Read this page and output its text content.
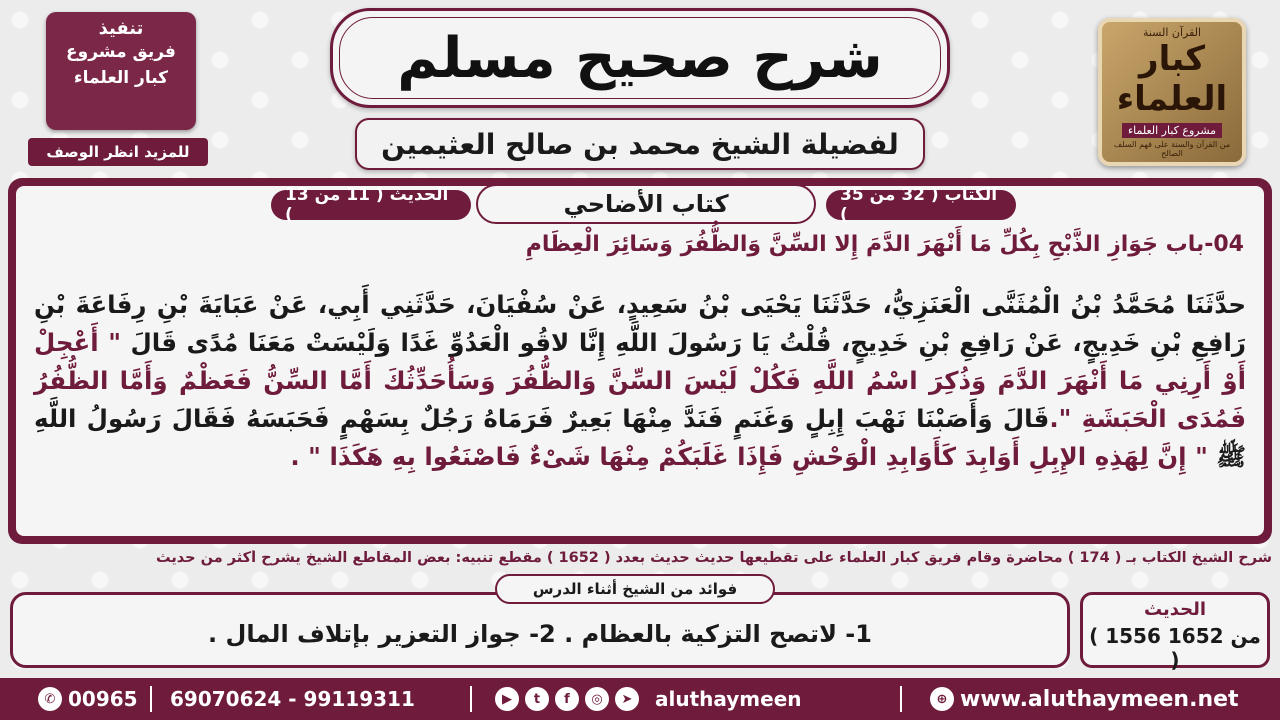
تنفيذ
فريق مشروع
كبار العلماء
للمزيد انظر الوصف
شرح صحيح مسلم
لفضيلة الشيخ محمد بن صالح العثيمين
القرآن السنة
كبار العلماء
مشروع كبار العلماء
من القرآن والسنة على فهم السلف الصالح
الكتاب ( 32 من 35 )
كتاب الأضاحي
الحديث ( 11 من 13 )
04-باب جَوَازِ الذَّبْحِ بِكُلِّ مَا أَنْهَرَ الدَّمَ إِلا السِّنَّ وَالظُّفُرَ وَسَائِرَ الْعِظَامِ
حدَّثَنَا مُحَمَّدُ بْنُ الْمُثَنَّى الْعَنَزِيُّ، حَدَّثَنَا يَحْيَى بْنُ سَعِيدٍ، عَنْ سُفْيَانَ، حَدَّثَنِي أَبِي، عَنْ عَبَايَةَ بْنِ رِفَاعَةَ بْنِ رَافِعِ بْنِ خَدِيجٍ، عَنْ رَافِعِ بْنِ خَدِيجٍ، قُلْتُ يَا رَسُولَ اللَّهِ إِنَّا لاقُو الْعَدُوِّ غَدًا وَلَيْسَتْ مَعَنَا مُدًى قَالَ " أَعْجِلْ أَوْ أَرِنِي مَا أَنْهَرَ الدَّمَ وَذُكِرَ اسْمُ اللَّهِ فَكُلْ لَيْسَ السِّنَّ وَالظُّفُرَ وَسَأُحَدِّثُكَ أَمَّا السِّنُّ فَعَظْمٌ وَأَمَّا الظُّفُرُ فَمُدَى الْحَبَشَةِ ".قَالَ وَأَصَبْنَا نَهْبَ إِبِلٍ وَغَنَمٍ فَنَدَّ مِنْهَا بَعِيرٌ فَرَمَاهُ رَجُلٌ بِسَهْمٍ فَحَبَسَهُ فَقَالَ رَسُولُ اللَّهِ ﷺ " إِنَّ لِهَذِهِ الإِبِلِ أَوَابِدَ كَأَوَابِدِ الْوَحْشِ فَإِذَا غَلَبَكُمْ مِنْهَا شَىْءٌ فَاصْنَعُوا بِهِ هَكَذَا " .
شرح الشيخ الكتاب بـ ( 174 ) محاضرة وقام فريق كبار العلماء على تقطيعها حديث حديث بعدد ( 1652 ) مقطع تنبيه: بعض المقاطع الشيخ يشرح أكثر من حديث
فوائد من الشيخ أثناء الدرس
1- لاتصح التزكية بالعظام . 2- جواز التعزير بإتلاف المال .
الحديث
( 1556 من 1652 )
✆ 00965 69070624 - 99119311	▶	t	f	◎	➤	aluthaymeen	⊕ www.aluthaymeen.net
